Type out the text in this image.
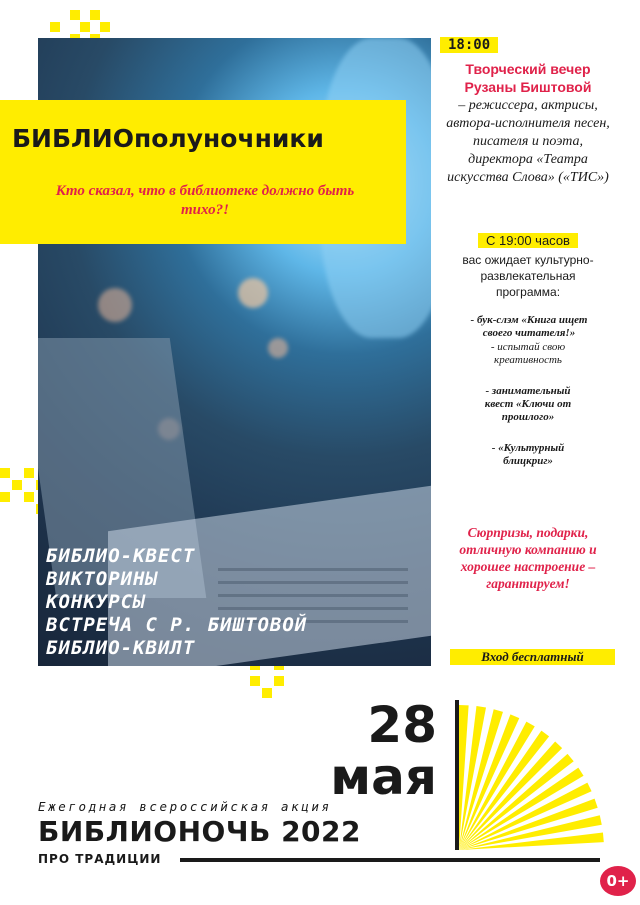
БИБЛИОполуночники
Кто сказал, что в библиотеке должно быть тихо?!
БИБЛИО-КВЕСТ
ВИКТОРИНЫ
КОНКУРСЫ
ВСТРЕЧА С Р. БИШТОВОЙ
БИБЛИО-КВИЛТ
18:00
Творческий вечер Рузаны Биштовой
– режиссера, актрисы, автора-исполнителя песен, писателя и поэта, директора «Театра искусства Слова» («ТИС»)
С 19:00 часов
вас ожидает культурно-развлекательная программа:
- бук-слэм «Книга ищет своего читателя!»
- испытай свою креативность
- занимательный квест «Ключи от прошлого»
- «Культурный блицкриг»
Сюрпризы, подарки, отличную компанию и хорошее настроение – гарантируем!
Вход бесплатный
28
мая
Ежегодная всероссийская акция
БИБЛИОНОЧЬ 2022
ПРО ТРАДИЦИИ
0+
